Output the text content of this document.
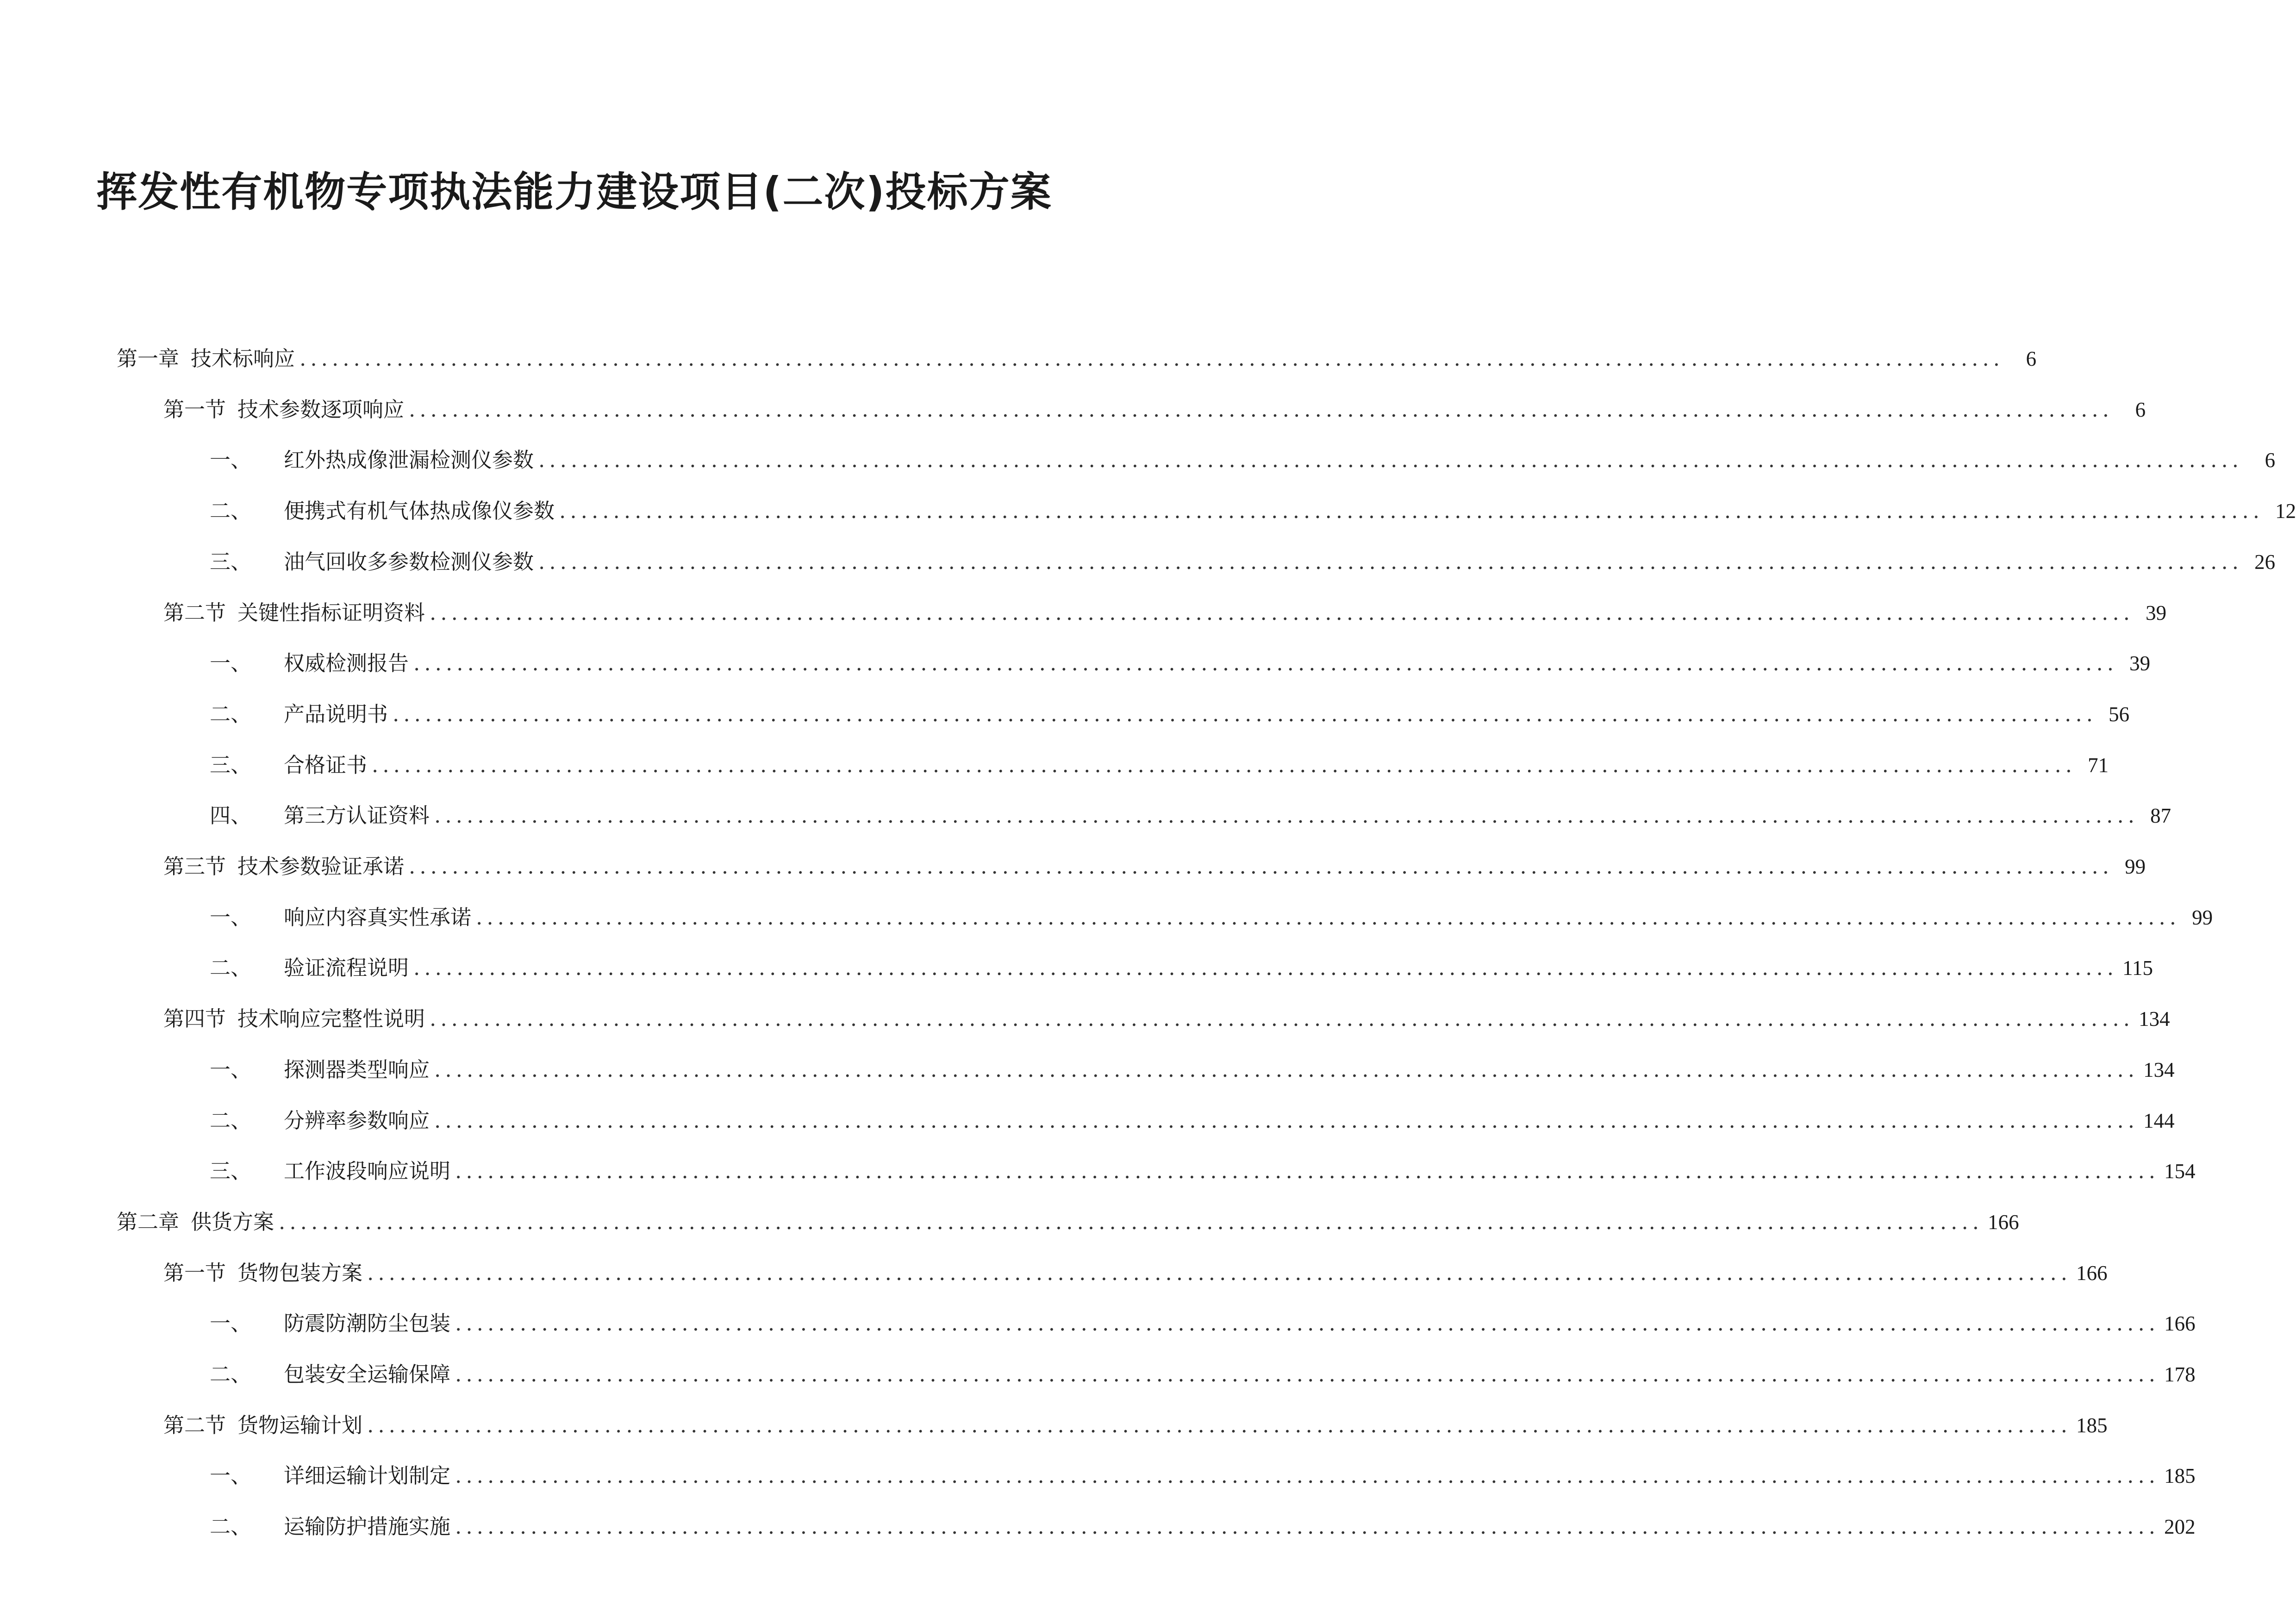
挥发性有机物专项执法能力建设项目(二次)投标方案
第一章 技术标响应 ..............................................................................................................................................................	6
第一节 技术参数逐项响应 ..............................................................................................................................................................	6
一、 红外热成像泄漏检测仪参数 ..............................................................................................................................................................	6
二、 便携式有机气体热成像仪参数 .............................................................................................................................................................. 12
三、 油气回收多参数检测仪参数 .............................................................................................................................................................. 26
第二节 关键性指标证明资料 .............................................................................................................................................................. 39
一、 权威检测报告 .............................................................................................................................................................. 39
二、 产品说明书 .............................................................................................................................................................. 56
三、 合格证书 .............................................................................................................................................................. 71
四、 第三方认证资料 .............................................................................................................................................................. 87
第三节 技术参数验证承诺 .............................................................................................................................................................. 99
一、 响应内容真实性承诺 .............................................................................................................................................................. 99
二、 验证流程说明 .............................................................................................................................................................. 115
第四节 技术响应完整性说明 .............................................................................................................................................................. 134
一、 探测器类型响应 .............................................................................................................................................................. 134
二、 分辨率参数响应 .............................................................................................................................................................. 144
三、 工作波段响应说明 .............................................................................................................................................................. 154
第二章 供货方案 .............................................................................................................................................................. 166
第一节 货物包装方案 .............................................................................................................................................................. 166
一、 防震防潮防尘包装 .............................................................................................................................................................. 166
二、 包装安全运输保障 .............................................................................................................................................................. 178
第二节 货物运输计划 .............................................................................................................................................................. 185
一、 详细运输计划制定 .............................................................................................................................................................. 185
二、 运输防护措施实施 .............................................................................................................................................................. 202
